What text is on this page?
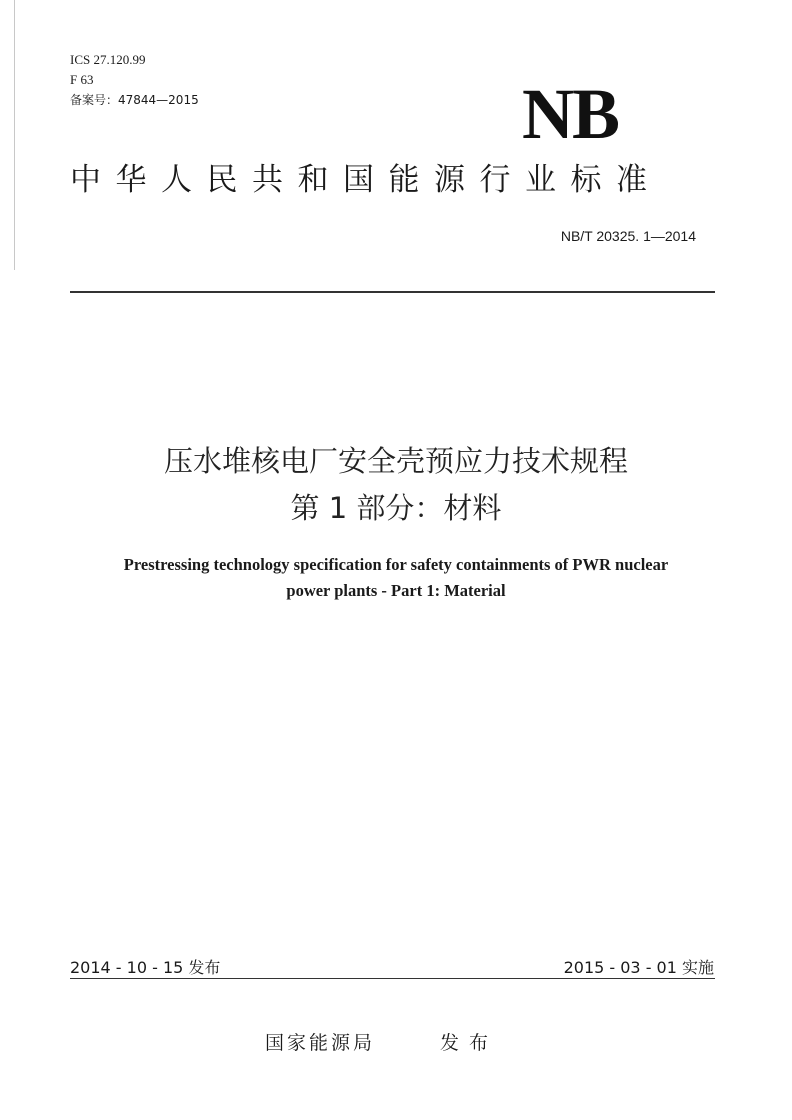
ICS 27.120.99
F 63
备案号：47844—2015	NB
中华人民共和国能源行业标准
NB/T 20325. 1—2014
压水堆核电厂安全壳预应力技术规程
第 1 部分：材料
Prestressing technology specification for safety containments of PWR nuclear
power plants - Part 1: Material
2014 - 10 - 15 发布	2015 - 03 - 01 实施
国家能源局	发布
